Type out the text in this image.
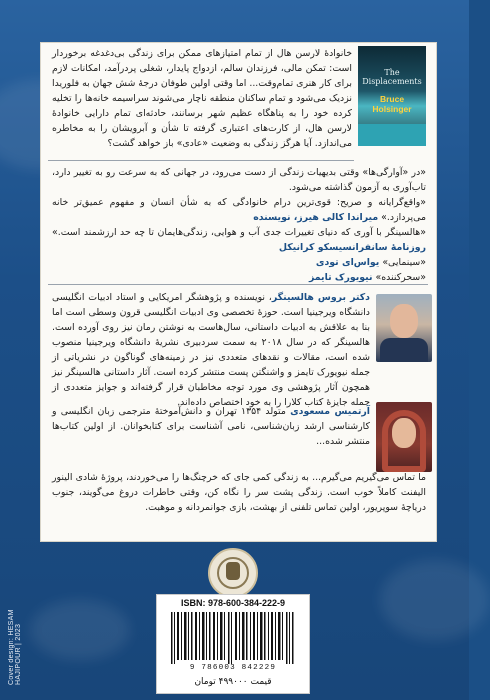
خانوادهٔ لارسن هال از تمام امتیازهای ممکن برای زندگی بی‌دغدغه برخوردار است: تمکن مالی، فرزندان سالم، ازدواج پایدار، شغلی پردرآمد، امکانات لازم برای کار هنری تمام‌وقت... اما وقتی اولین طوفان درجهٔ شش جهان به فلوریدا نزدیک می‌شود و تمام ساکنان منطقه ناچار می‌شوند سراسیمه خانه‌ها را تخلیه کرده خود را به پناهگاه عظیم شهر برسانند، حادثه‌ای تمام دارایی خانوادهٔ لارسن هال، از کارت‌های اعتباری گرفته تا شأن و آبرویشان را به مخاطره می‌اندازد. آیا هرگز زندگی به وضعیت «عادی» باز خواهد گشت؟
The Displacements
Bruce Holsinger
«در «آوارگی‌ها» وقتی بدیهیات زندگی از دست می‌رود، در جهانی که به سرعت رو به تغییر دارد، تاب‌آوری به آزمون گذاشته می‌شود.
«واقع‌گرایانه و صریح: قوی‌ترین درام خانوادگی که به شأن انسان و مفهوم عمیق‌تر خانه می‌پردازد.» میراندا کالی هیرز، نویسنده
«هالسینگر با آوری که دنیای تغییرات جدی آب و هوایی، زندگی‌هایمان تا چه حد ارزشمند است.» روزنامهٔ سانفرانسیسکو کرانیکل
«سینمایی» یواس‌ای تودی
«سحرکننده» نیویورک تایمز
دکتر بروس هالسینگر، نویسنده و پژوهشگر امریکایی و استاد ادبیات انگلیسی دانشگاه ویرجینیا است. حوزهٔ تخصصی وی ادبیات انگلیسی قرون وسطی است اما بنا به علاقش به ادبیات داستانی، سال‌هاست به نوشتن رمان نیز روی آورده است. هالسینگر که در سال ۲۰۱۸ به سمت سردبیری نشریهٔ دانشگاه ویرجینیا منصوب شده است، مقالات و نقدهای متعددی نیز در زمینه‌های گوناگون در نشریاتی از جمله نیویورک تایمز و واشنگتن پست منتشر کرده است. آثار داستانی هالسینگر نیز همچون آثار پژوهشی وی مورد توجه مخاطبان قرار گرفته‌اند و جوایز متعددی از جمله جایزهٔ کتاب کلارا را به خود اختصاص داده‌اند.
آرتمیس مسعودی متولد ۱۳۵۴ تهران و دانش‌آموختهٔ مترجمی زبان انگلیسی و کارشناسی ارشد زبان‌شناسی، نامی آشناست برای کتابخوانان. از اولین کتاب‌ها منتشر شده...
ما تماس می‌گیریم می‌گیرم... به زندگی کمی جای که خرچنگ‌ها را می‌خوردند، پروژهٔ شادی الینور الیفنت کاملاً خوب است. زندگی پشت سر را نگاه کن، وقتی خاطرات دروغ می‌گویند، جنوب دریاچهٔ سوپریور، اولین تماس تلفنی از بهشت، بازی جوانمردانه و موهبت.
Cover design: HESAM HAJIPOUR | 2023
ISBN: 978-600-384-222-9
9 786003 842229
قیمت ۴۹۹۰۰۰ تومان
